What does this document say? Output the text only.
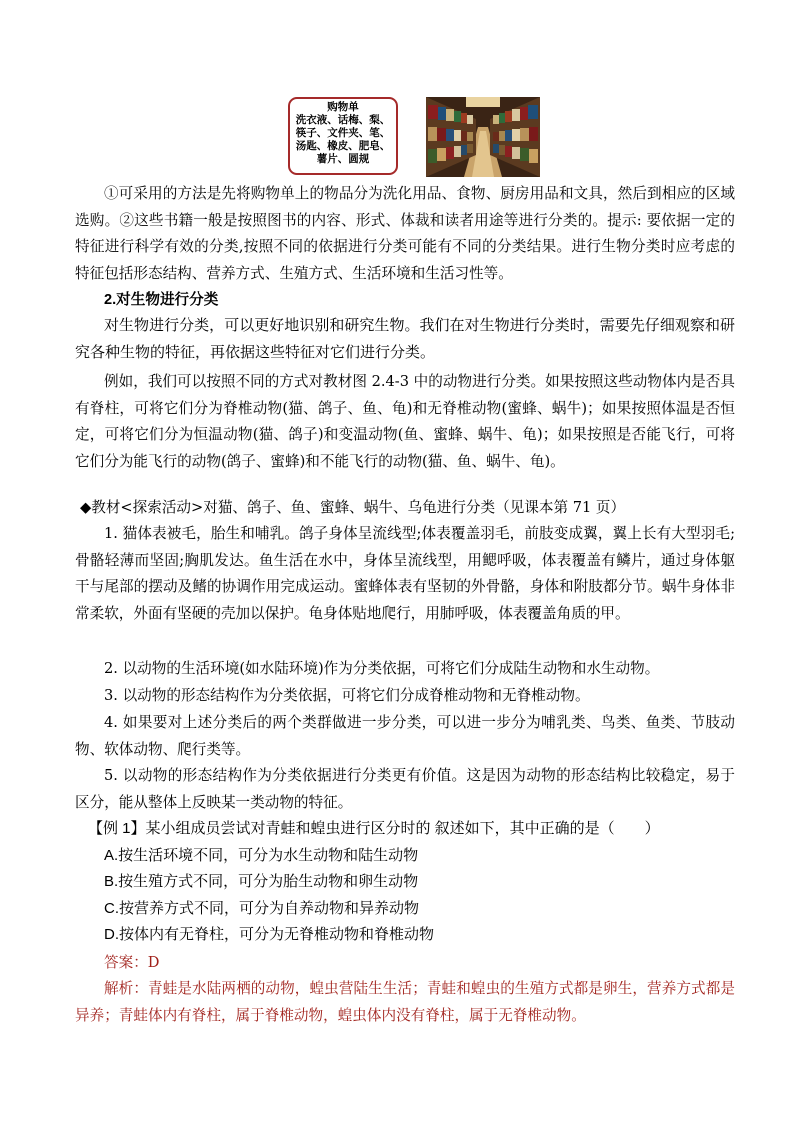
购物单
洗衣液、话梅、梨、
筷子、文件夹、笔、
汤匙、橡皮、肥皂、
薯片、圆规

①可采用的方法是先将购物单上的物品分为洗化用品、食物、厨房用品和文具，然后到相应的区域选购。②这些书籍一般是按照图书的内容、形式、体裁和读者用途等进行分类的。提示: 要依据一定的特征进行科学有效的分类,按照不同的依据进行分类可能有不同的分类结果。进行生物分类时应考虑的特征包括形态结构、营养方式、生殖方式、生活环境和生活习性等。

2.对生物进行分类

对生物进行分类，可以更好地识别和研究生物。我们在对生物进行分类时，需要先仔细观察和研究各种生物的特征，再依据这些特征对它们进行分类。

例如，我们可以按照不同的方式对教材图 2.4-3 中的动物进行分类。如果按照这些动物体内是否具有脊柱，可将它们分为脊椎动物(猫、鸽子、鱼、龟)和无脊椎动物(蜜蜂、蜗牛)；如果按照体温是否恒定，可将它们分为恒温动物(猫、鸽子)和变温动物(鱼、蜜蜂、蜗牛、龟)；如果按照是否能飞行，可将它们分为能飞行的动物(鸽子、蜜蜂)和不能飞行的动物(猫、鱼、蜗牛、龟)。

◆教材<探索活动>对猫、鸽子、鱼、蜜蜂、蜗牛、乌龟进行分类（见课本第 71 页）

1. 猫体表被毛，胎生和哺乳。鸽子身体呈流线型;体表覆盖羽毛，前肢变成翼，翼上长有大型羽毛;骨骼轻薄而坚固;胸肌发达。鱼生活在水中，身体呈流线型，用鳃呼吸，体表覆盖有鳞片，通过身体躯干与尾部的摆动及鳍的协调作用完成运动。蜜蜂体表有坚韧的外骨骼，身体和附肢都分节。蜗牛身体非常柔软，外面有坚硬的壳加以保护。龟身体贴地爬行，用肺呼吸，体表覆盖角质的甲。

2. 以动物的生活环境(如水陆环境)作为分类依据，可将它们分成陆生动物和水生动物。

3. 以动物的形态结构作为分类依据，可将它们分成脊椎动物和无脊椎动物。

4. 如果要对上述分类后的两个类群做进一步分类，可以进一步分为哺乳类、鸟类、鱼类、节肢动物、软体动物、爬行类等。

5. 以动物的形态结构作为分类依据进行分类更有价值。这是因为动物的形态结构比较稳定，易于区分，能从整体上反映某一类动物的特征。

【例 1】某小组成员尝试对青蛙和蝗虫进行区分时的 叙述如下，其中正确的是（　　）

A.按生活环境不同，可分为水生动物和陆生动物

B.按生殖方式不同，可分为胎生动物和卵生动物

C.按营养方式不同，可分为自养动物和异养动物

D.按体内有无脊柱，可分为无脊椎动物和脊椎动物

答案：D

解析：青蛙是水陆两栖的动物，蝗虫营陆生生活；青蛙和蝗虫的生殖方式都是卵生，营养方式都是异养；青蛙体内有脊柱，属于脊椎动物，蝗虫体内没有脊柱，属于无脊椎动物。
